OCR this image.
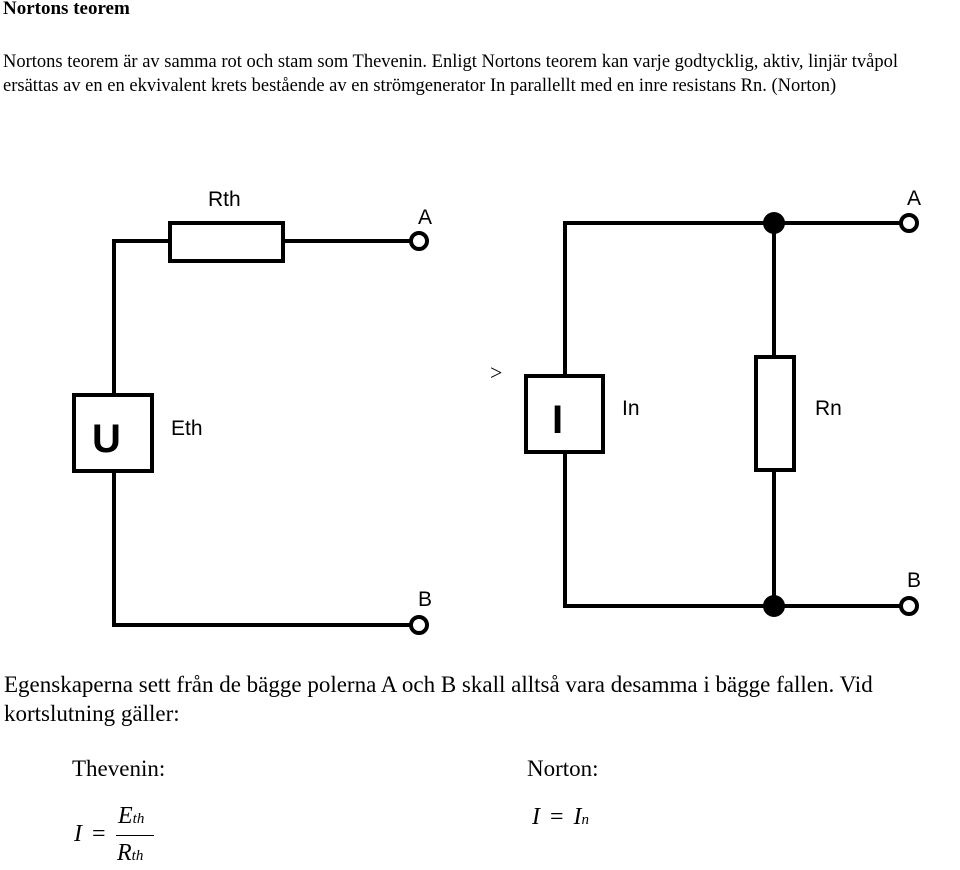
Nortons teorem
Nortons teorem är av samma rot och stam som Thevenin. Enligt Nortons teorem kan varje godtycklig, aktiv, linjär tvåpol ersättas av en en ekvivalent krets bestående av en strömgenerator In parallellt med en inre resistans Rn. (Norton)
Rth
A
B
U Eth
>
A
B
I	In	Rn
Egenskaperna sett från de bägge polerna A och B skall alltså vara desamma i bägge fallen. Vid kortslutning gäller:
Thevenin:	Norton:
I =
Eth
Rth
I = In
